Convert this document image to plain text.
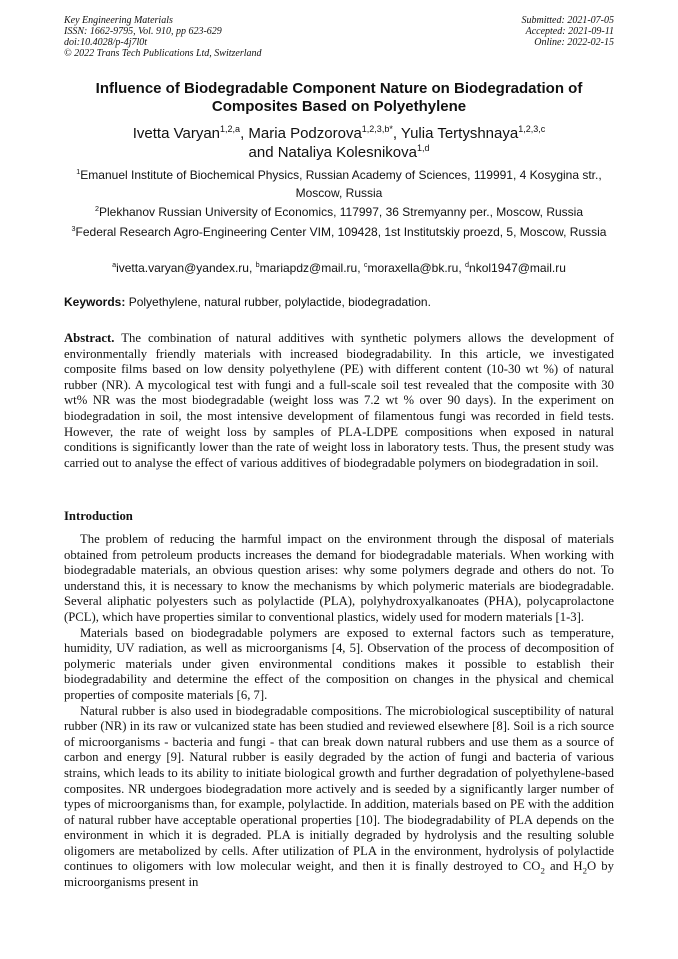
Key Engineering Materials
ISSN: 1662-9795, Vol. 910, pp 623-629
doi:10.4028/p-4j7l0t
© 2022 Trans Tech Publications Ltd, Switzerland
Submitted: 2021-07-05
Accepted: 2021-09-11
Online: 2022-02-15
Influence of Biodegradable Component Nature on Biodegradation of Composites Based on Polyethylene
Ivetta Varyan$^{1,2,a}$, Maria Podzorova$^{1,2,3,b*}$, Yulia Tertyshnaya$^{1,2,3,c}$
and Nataliya Kolesnikova$^{1,d}$
$^1$Emanuel Institute of Biochemical Physics, Russian Academy of Sciences, 119991, 4 Kosygina str., Moscow, Russia
$^2$Plekhanov Russian University of Economics, 117997, 36 Stremyanny per., Moscow, Russia
$^3$Federal Research Agro-Engineering Center VIM, 109428, 1st Institutskiy proezd, 5, Moscow, Russia
$^a$ivetta.varyan@yandex.ru, $^b$mariapdz@mail.ru, $^c$moraxella@bk.ru, $^d$nkol1947@mail.ru
Keywords: Polyethylene, natural rubber, polylactide, biodegradation.
Abstract. The combination of natural additives with synthetic polymers allows the development of environmentally friendly materials with increased biodegradability. In this article, we investigated composite films based on low density polyethylene (PE) with different content (10-30 wt %) of natural rubber (NR). A mycological test with fungi and a full-scale soil test revealed that the composite with 30 wt% NR was the most biodegradable (weight loss was 7.2 wt % over 90 days). In the experiment on biodegradation in soil, the most intensive development of filamentous fungi was recorded in field tests. However, the rate of weight loss by samples of PLA-LDPE compositions when exposed in natural conditions is significantly lower than the rate of weight loss in laboratory tests. Thus, the present study was carried out to analyse the effect of various additives of biodegradable polymers on biodegradation in soil.
Introduction

The problem of reducing the harmful impact on the environment through the disposal of materials obtained from petroleum products increases the demand for biodegradable materials. When working with biodegradable materials, an obvious question arises: why some polymers degrade and others do not. To understand this, it is necessary to know the mechanisms by which polymeric materials are biodegradable. Several aliphatic polyesters such as polylactide (PLA), polyhydroxyalkanoates (PHA), polycaprolactone (PCL), which have properties similar to conventional plastics, widely used for modern materials [1-3].

Materials based on biodegradable polymers are exposed to external factors such as temperature, humidity, UV radiation, as well as microorganisms [4, 5]. Observation of the process of decomposition of polymeric materials under given environmental conditions makes it possible to establish their biodegradability and determine the effect of the composition on changes in the physical and chemical properties of composite materials [6, 7].

Natural rubber is also used in biodegradable compositions. The microbiological susceptibility of natural rubber (NR) in its raw or vulcanized state has been studied and reviewed elsewhere [8]. Soil is a rich source of microorganisms - bacteria and fungi - that can break down natural rubbers and use them as a source of carbon and energy [9]. Natural rubber is easily degraded by the action of fungi and bacteria of various strains, which leads to its ability to initiate biological growth and further degradation of polyethylene-based composites. NR undergoes biodegradation more actively and is seeded by a significantly larger number of types of microorganisms than, for example, polylactide. In addition, materials based on PE with the addition of natural rubber have acceptable operational properties [10]. The biodegradability of PLA depends on the environment in which it is degraded. PLA is initially degraded by hydrolysis and the resulting soluble oligomers are metabolized by cells. After utilization of PLA in the environment, hydrolysis of polylactide continues to oligomers with low molecular weight, and then it is finally destroyed to $CO_2$ and $H_2O$ by microorganisms present in
